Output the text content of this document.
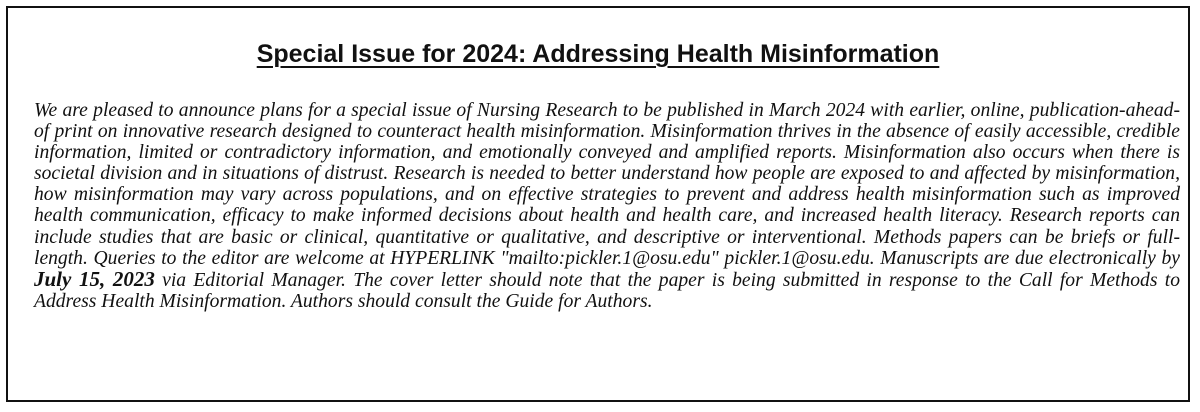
Special Issue for 2024: Addressing Health Misinformation
We are pleased to announce plans for a special issue of Nursing Research to be published in March 2024 with earlier, online, publication-ahead-of print on innovative research designed to counteract health misinformation. Misinformation thrives in the absence of easily accessible, credible information, limited or contradictory information, and emotionally conveyed and amplified reports. Misinformation also occurs when there is societal division and in situations of distrust. Research is needed to better understand how people are exposed to and affected by misinformation, how misinformation may vary across populations, and on effective strategies to prevent and address health misinformation such as improved health communication, efficacy to make informed decisions about health and health care, and increased health literacy. Research reports can include studies that are basic or clinical, quantitative or qualitative, and descriptive or interventional. Methods papers can be briefs or full-length. Queries to the editor are welcome at HYPERLINK "mailto:pickler.1@osu.edu" pickler.1@osu.edu. Manuscripts are due electronically by July 15, 2023 via Editorial Manager. The cover letter should note that the paper is being submitted in response to the Call for Methods to Address Health Misinformation. Authors should consult the Guide for Authors.
